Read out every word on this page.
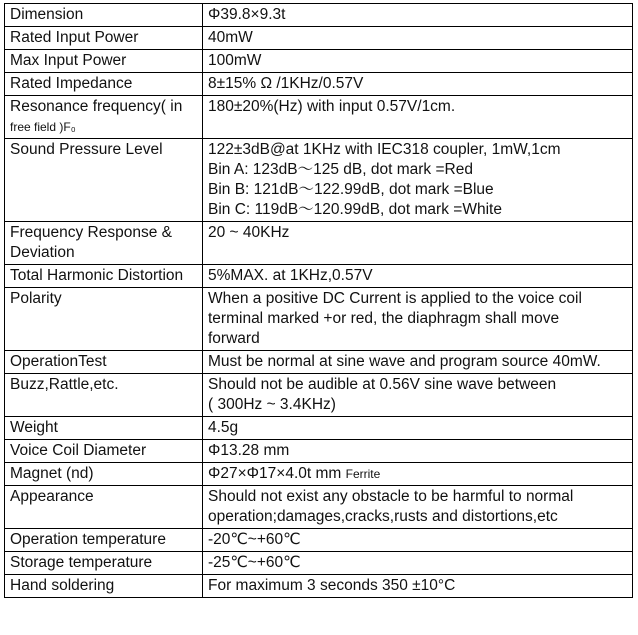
Dimension	Φ39.8×9.3t
Rated Input Power	40mW
Max Input Power	100mW
Rated Impedance	8±15% Ω /1KHz/0.57V

Resonance frequency( in
free field )F₀	180±20%(Hz) with input 0.57V/1cm.
Sound Pressure Level	122±3dB@at 1KHz with IEC318 coupler, 1mW,1cm
Bin A: 123dB～125 dB, dot mark =Red
Bin B: 121dB～122.99dB, dot mark =Blue
Bin C: 119dB～120.99dB, dot mark =White

Frequency Response &
Deviation	20 ~ 40KHz
Total Harmonic Distortion	5%MAX. at 1KHz,0.57V
Polarity	When a positive DC Current is applied to the voice coil
terminal marked +or red, the diaphragm shall move
forward

OperationTest	Must be normal at sine wave and program source 40mW.
Buzz,Rattle,etc.	Should not be audible at 0.56V sine wave between
( 300Hz ~ 3.4KHz)

Weight	4.5g
Voice Coil Diameter	Φ13.28 mm
Magnet (nd)	Φ27×Φ17×4.0t mm Ferrite
Appearance	Should not exist any obstacle to be harmful to normal
operation;damages,cracks,rusts and distortions,etc

Operation temperature	-20℃~+60℃
Storage temperature	-25℃~+60℃
Hand soldering	For maximum 3 seconds 350 ±10°C
